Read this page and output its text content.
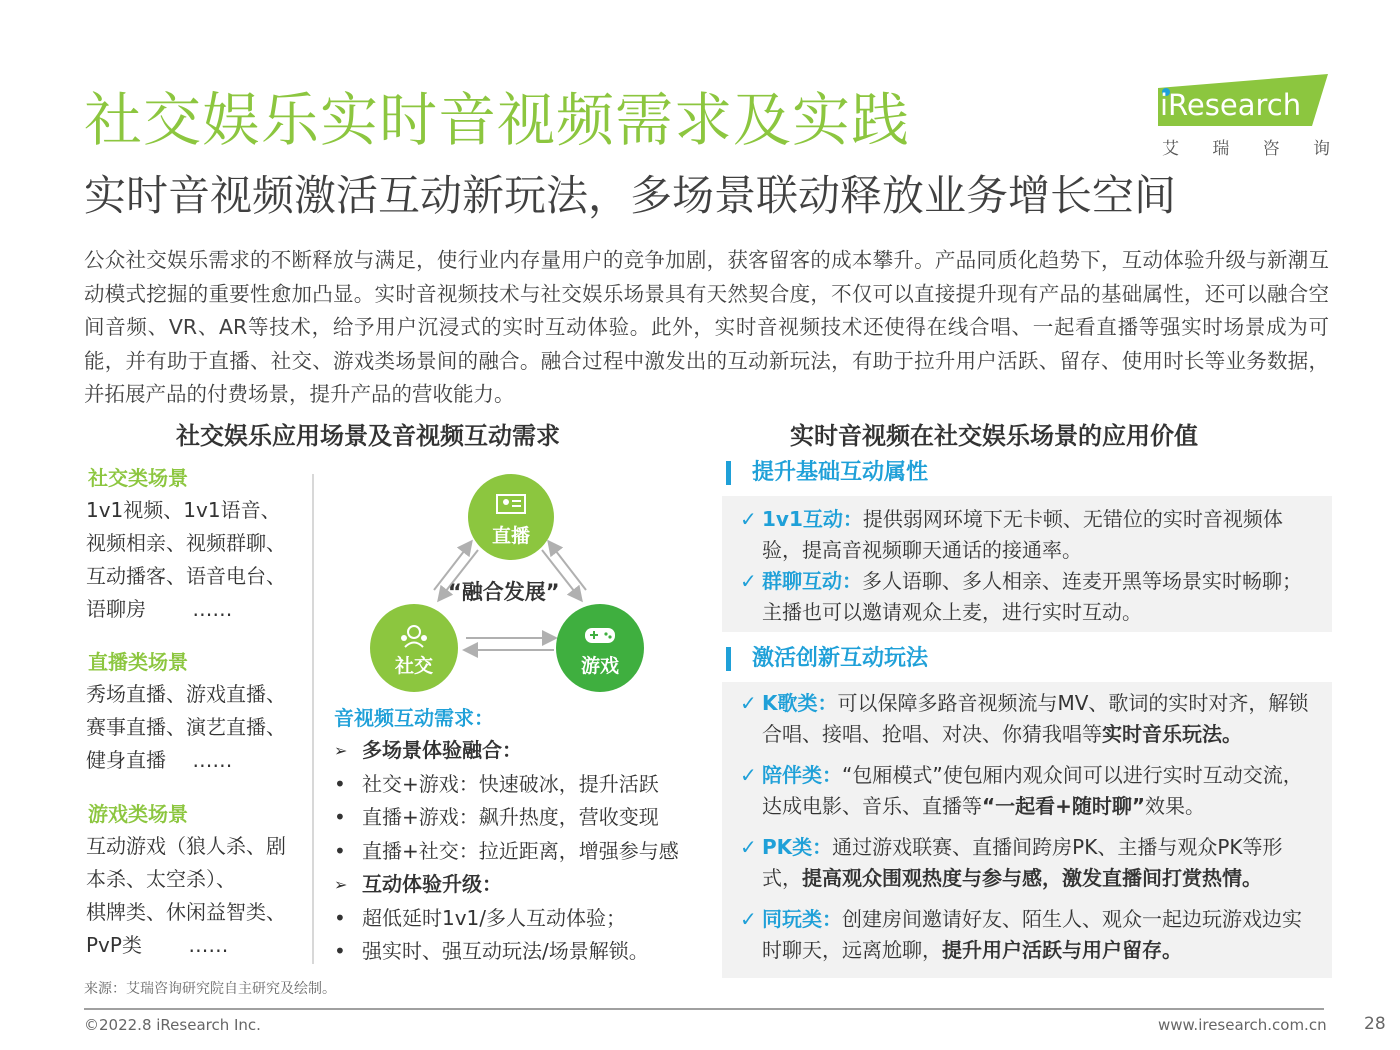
社交娱乐实时音视频需求及实践
实时音视频激活互动新玩法，多场景联动释放业务增长空间
iResearch
艾 瑞 咨 询

公众社交娱乐需求的不断释放与满足，使行业内存量用户的竞争加剧，获客留客的成本攀升。产品同质化趋势下，互动体验升级与新潮互动模式挖掘的重要性愈加凸显。实时音视频技术与社交娱乐场景具有天然契合度，不仅可以直接提升现有产品的基础属性，还可以融合空间音频、VR、AR等技术，给予用户沉浸式的实时互动体验。此外，实时音视频技术还使得在线合唱、一起看直播等强实时场景成为可能，并有助于直播、社交、游戏类场景间的融合。融合过程中激发出的互动新玩法，有助于拉升用户活跃、留存、使用时长等业务数据，并拓展产品的付费场景，提升产品的营收能力。

社交娱乐应用场景及音视频互动需求	实时音视频在社交娱乐场景的应用价值
社交类场景
1v1视频、1v1语音、
视频相亲、视频群聊、
互动播客、语音电台、
语聊房　　 ……
直播类场景
秀场直播、游戏直播、
赛事直播、演艺直播、
健身直播　 ……
游戏类场景
互动游戏（狼人杀、剧
本杀、太空杀）、
棋牌类、休闲益智类、
PvP类　　 ……
直播
社交	游戏
“融合发展”
音视频互动需求：
➢ 多场景体验融合：
• 社交+游戏：快速破冰，提升活跃
• 直播+游戏：飙升热度，营收变现
• 直播+社交：拉近距离，增强参与感
➢ 互动体验升级：
• 超低延时1v1/多人互动体验；
• 强实时、强互动玩法/场景解锁。
提升基础互动属性
✓ 1v1互动：提供弱网环境下无卡顿、无错位的实时音视频体验，提高音视频聊天通话的接通率。
✓ 群聊互动：多人语聊、多人相亲、连麦开黑等场景实时畅聊；主播也可以邀请观众上麦，进行实时互动。
激活创新互动玩法
✓ K歌类：可以保障多路音视频流与MV、歌词的实时对齐，解锁合唱、接唱、抢唱、对决、你猜我唱等实时音乐玩法。
✓ 陪伴类：“包厢模式”使包厢内观众间可以进行实时互动交流，达成电影、音乐、直播等“一起看+随时聊”效果。
✓ PK类：通过游戏联赛、直播间跨房PK、主播与观众PK等形式，提高观众围观热度与参与感，激发直播间打赏热情。
✓ 同玩类：创建房间邀请好友、陌生人、观众一起边玩游戏边实时聊天，远离尬聊，提升用户活跃与用户留存。
来源：艾瑞咨询研究院自主研究及绘制。
©2022.8 iResearch Inc.	www.iresearch.com.cn 28
